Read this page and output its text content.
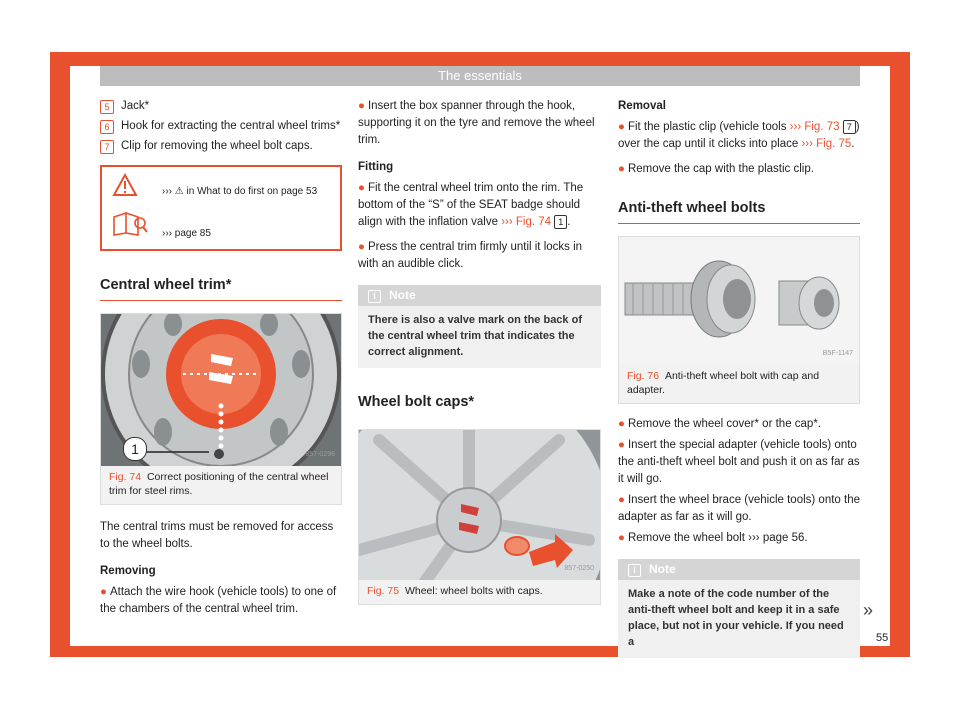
The essentials
5	Jack*
6	Hook for extracting the central wheel trims*
7	Clip for removing the wheel bolt caps.
››› ⚠ in What to do first on page 53
››› page 85
Central wheel trim*
1	857-0298
Fig. 74 Correct positioning of the central wheel trim for steel rims.

The central trims must be removed for access to the wheel bolts.

Removing

● Attach the wire hook (vehicle tools) to one of the chambers of the central wheel trim.

● Insert the box spanner through the hook, supporting it on the tyre and remove the wheel trim.

Fitting

● Fit the central wheel trim onto the rim. The bottom of the “S” of the SEAT badge should align with the inflation valve ››› Fig. 74 1 .

● Press the central trim firmly until it locks in with an audible click.

i Note
There is also a valve mark on the back of the central wheel trim that indicates the correct alignment.
Wheel bolt caps*
857-0250
Fig. 75 Wheel: wheel bolts with caps.

Removal

● Fit the plastic clip (vehicle tools ››› Fig. 73 7 ) over the cap until it clicks into place ››› Fig. 75.

● Remove the cap with the plastic clip.

Anti-theft wheel bolts
B5F-1147
Fig. 76 Anti-theft wheel bolt with cap and adapter.

● Remove the wheel cover* or the cap*.

● Insert the special adapter (vehicle tools) onto the anti-theft wheel bolt and push it on as far as it will go.

● Insert the wheel brace (vehicle tools) onto the adapter as far as it will go.

● Remove the wheel bolt ››› page 56.

i Note
Make a note of the code number of the anti-theft wheel bolt and keep it in a safe place, but not in your vehicle. If you need a
»
55
